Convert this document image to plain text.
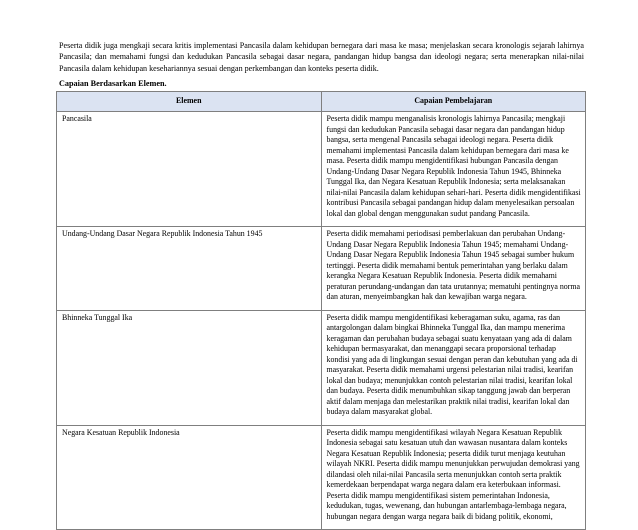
Peserta didik juga mengkaji secara kritis implementasi Pancasila dalam kehidupan bernegara dari masa ke masa; menjelaskan secara kronologis sejarah lahirnya Pancasila; dan memahami fungsi dan kedudukan Pancasila sebagai dasar negara, pandangan hidup bangsa dan ideologi negara; serta menerapkan nilai-nilai Pancasila dalam kehidupan kesehariannya sesuai dengan perkembangan dan konteks peserta didik.

Capaian Berdasarkan Elemen.
Elemen	Capaian Pembelajaran
Pancasila	Peserta didik mampu menganalisis kronologis lahirnya Pancasila; mengkaji fungsi dan kedudukan Pancasila sebagai dasar negara dan pandangan hidup bangsa, serta mengenal Pancasila sebagai ideologi negara. Peserta didik memahami implementasi Pancasila dalam kehidupan bernegara dari masa ke masa. Peserta didik mampu mengidentifikasi hubungan Pancasila dengan Undang-Undang Dasar Negara Republik Indonesia Tahun 1945, Bhinneka Tunggal Ika, dan Negara Kesatuan Republik Indonesia; serta melaksanakan nilai-nilai Pancasila dalam kehidupan sehari-hari. Peserta didik mengidentifikasi kontribusi Pancasila sebagai pandangan hidup dalam menyelesaikan persoalan lokal dan global dengan menggunakan sudut pandang Pancasila.
Undang-Undang Dasar Negara Republik Indonesia Tahun 1945	Peserta didik memahami periodisasi pemberlakuan dan perubahan Undang-Undang Dasar Negara Republik Indonesia Tahun 1945; memahami Undang-Undang Dasar Negara Republik Indonesia Tahun 1945 sebagai sumber hukum tertinggi. Peserta didik memahami bentuk pemerintahan yang berlaku dalam kerangka Negara Kesatuan Republik Indonesia. Peserta didik memahami peraturan perundang-undangan dan tata urutannya; mematuhi pentingnya norma dan aturan, menyeimbangkan hak dan kewajiban warga negara.
Bhinneka Tunggal Ika	Peserta didik mampu mengidentifikasi keberagaman suku, agama, ras dan antargolongan dalam bingkai Bhinneka Tunggal Ika, dan mampu menerima keragaman dan perubahan budaya sebagai suatu kenyataan yang ada di dalam kehidupan bermasyarakat, dan menanggapi secara proporsional terhadap kondisi yang ada di lingkungan sesuai dengan peran dan kebutuhan yang ada di masyarakat. Peserta didik memahami urgensi pelestarian nilai tradisi, kearifan lokal dan budaya; menunjukkan contoh pelestarian nilai tradisi, kearifan lokal dan budaya. Peserta didik menumbuhkan sikap tanggung jawab dan berperan aktif dalam menjaga dan melestarikan praktik nilai tradisi, kearifan lokal dan budaya dalam masyarakat global.
Negara Kesatuan Republik Indonesia	Peserta didik mampu mengidentifikasi wilayah Negara Kesatuan Republik Indonesia sebagai satu kesatuan utuh dan wawasan nusantara dalam konteks Negara Kesatuan Republik Indonesia; peserta didik turut menjaga keutuhan wilayah NKRI. Peserta didik mampu menunjukkan perwujudan demokrasi yang dilandasi oleh nilai-nilai Pancasila serta menunjukkan contoh serta praktik kemerdekaan berpendapat warga negara dalam era keterbukaan informasi. Peserta didik mampu mengidentifikasi sistem pemerintahan Indonesia, kedudukan, tugas, wewenang, dan hubungan antarlembaga-lembaga negara, hubungan negara dengan warga negara baik di bidang politik, ekonomi,
